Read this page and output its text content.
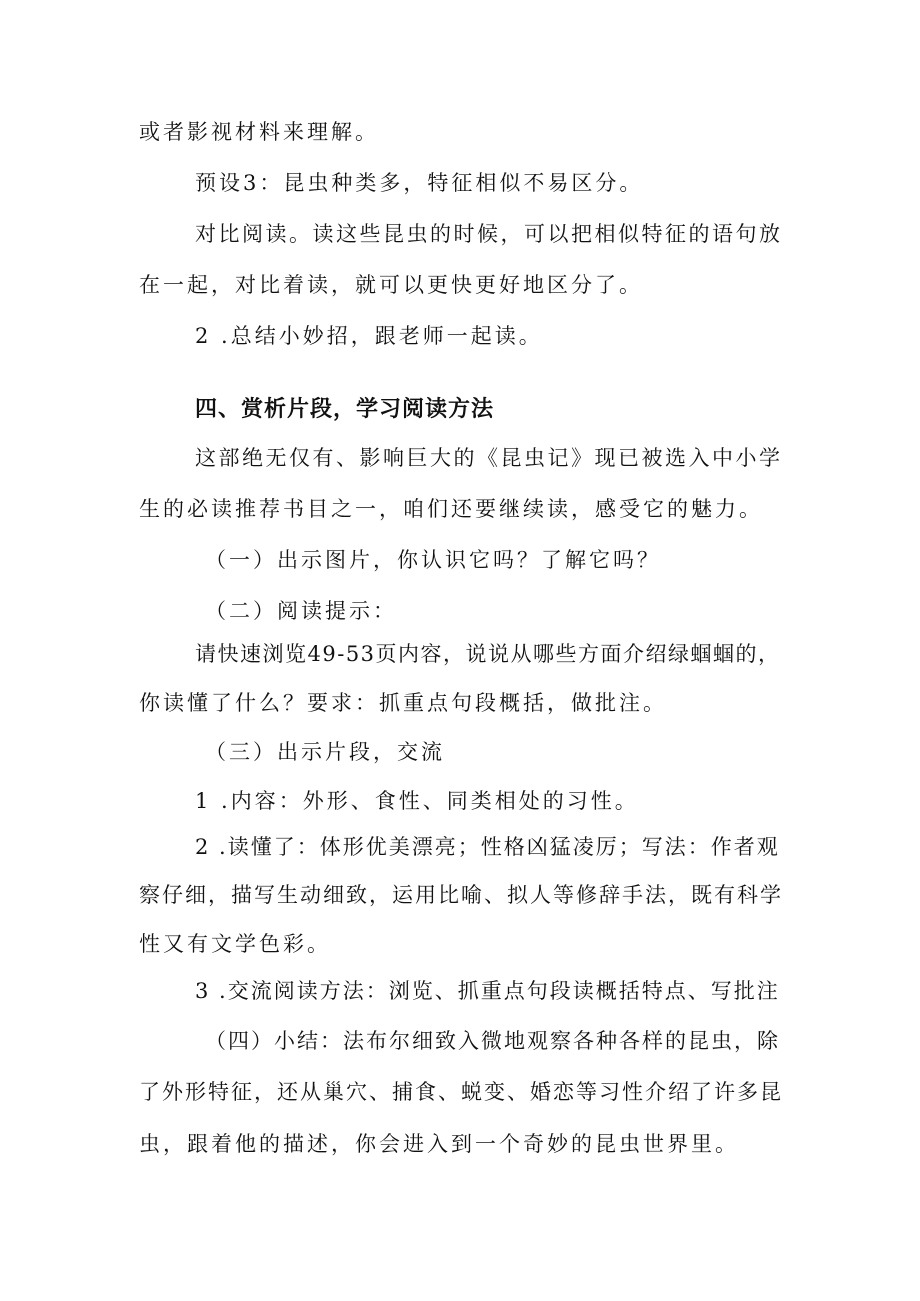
或者影视材料来理解。
预设3：昆虫种类多，特征相似不易区分。
对比阅读。读这些昆虫的时候，可以把相似特征的语句放
在一起，对比着读，就可以更快更好地区分了。
2 .总结小妙招，跟老师一起读。
四、赏析片段，学习阅读方法
这部绝无仅有、影响巨大的《昆虫记》现已被选入中小学
生的必读推荐书目之一，咱们还要继续读，感受它的魅力。
（一）出示图片，你认识它吗？了解它吗？
（二）阅读提示：
请快速浏览49-53页内容，说说从哪些方面介绍绿蝈蝈的，
你读懂了什么？要求：抓重点句段概括，做批注。
（三）出示片段，交流
1 .内容：外形、食性、同类相处的习性。
2 .读懂了：体形优美漂亮；性格凶猛凌厉；写法：作者观
察仔细，描写生动细致，运用比喻、拟人等修辞手法，既有科学
性又有文学色彩。
3 .交流阅读方法：浏览、抓重点句段读概括特点、写批注
（四）小结：法布尔细致入微地观察各种各样的昆虫，除
了外形特征，还从巢穴、捕食、蜕变、婚恋等习性介绍了许多昆
虫，跟着他的描述，你会进入到一个奇妙的昆虫世界里。
